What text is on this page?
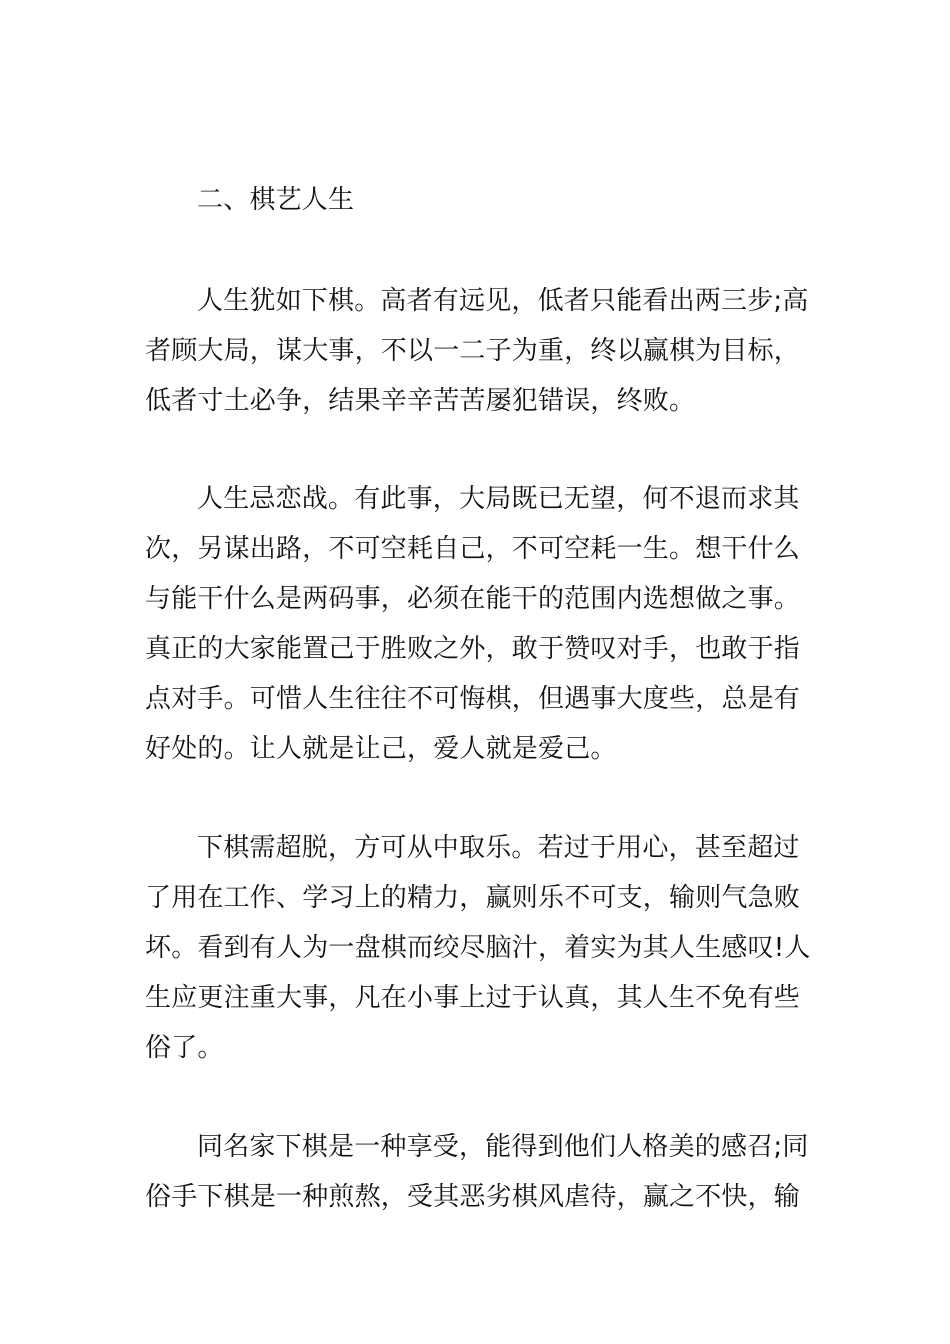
二、棋艺人生
人生犹如下棋。高者有远见，低者只能看出两三步;高
者顾大局，谋大事，不以一二子为重，终以赢棋为目标，
低者寸土必争，结果辛辛苦苦屡犯错误，终败。
人生忌恋战。有此事，大局既已无望，何不退而求其
次，另谋出路，不可空耗自己，不可空耗一生。想干什么
与能干什么是两码事，必须在能干的范围内选想做之事。
真正的大家能置己于胜败之外，敢于赞叹对手，也敢于指
点对手。可惜人生往往不可悔棋，但遇事大度些，总是有
好处的。让人就是让己，爱人就是爱己。
下棋需超脱，方可从中取乐。若过于用心，甚至超过
了用在工作、学习上的精力，赢则乐不可支，输则气急败
坏。看到有人为一盘棋而绞尽脑汁，着实为其人生感叹!人
生应更注重大事，凡在小事上过于认真，其人生不免有些
俗了。
同名家下棋是一种享受，能得到他们人格美的感召;同
俗手下棋是一种煎熬，受其恶劣棋风虐待，赢之不快，输
